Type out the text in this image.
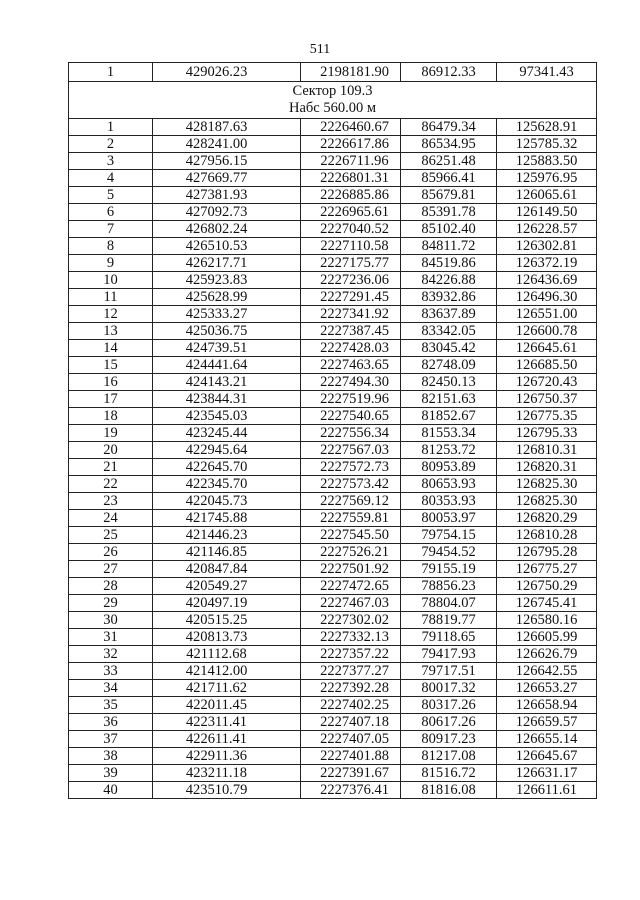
511
1	429026.23	2198181.90	86912.33	97341.43

Сектор 109.3
Набс 560.00 м				

1	428187.63	2226460.67	86479.34	125628.91
2	428241.00	2226617.86	86534.95	125785.32
3	427956.15	2226711.96	86251.48	125883.50
4	427669.77	2226801.31	85966.41	125976.95
5	427381.93	2226885.86	85679.81	126065.61
6	427092.73	2226965.61	85391.78	126149.50
7	426802.24	2227040.52	85102.40	126228.57
8	426510.53	2227110.58	84811.72	126302.81
9	426217.71	2227175.77	84519.86	126372.19
10	425923.83	2227236.06	84226.88	126436.69
11	425628.99	2227291.45	83932.86	126496.30
12	425333.27	2227341.92	83637.89	126551.00
13	425036.75	2227387.45	83342.05	126600.78
14	424739.51	2227428.03	83045.42	126645.61
15	424441.64	2227463.65	82748.09	126685.50
16	424143.21	2227494.30	82450.13	126720.43
17	423844.31	2227519.96	82151.63	126750.37
18	423545.03	2227540.65	81852.67	126775.35
19	423245.44	2227556.34	81553.34	126795.33
20	422945.64	2227567.03	81253.72	126810.31
21	422645.70	2227572.73	80953.89	126820.31
22	422345.70	2227573.42	80653.93	126825.30
23	422045.73	2227569.12	80353.93	126825.30
24	421745.88	2227559.81	80053.97	126820.29
25	421446.23	2227545.50	79754.15	126810.28
26	421146.85	2227526.21	79454.52	126795.28
27	420847.84	2227501.92	79155.19	126775.27
28	420549.27	2227472.65	78856.23	126750.29
29	420497.19	2227467.03	78804.07	126745.41
30	420515.25	2227302.02	78819.77	126580.16
31	420813.73	2227332.13	79118.65	126605.99
32	421112.68	2227357.22	79417.93	126626.79
33	421412.00	2227377.27	79717.51	126642.55
34	421711.62	2227392.28	80017.32	126653.27
35	422011.45	2227402.25	80317.26	126658.94
36	422311.41	2227407.18	80617.26	126659.57
37	422611.41	2227407.05	80917.23	126655.14
38	422911.36	2227401.88	81217.08	126645.67
39	423211.18	2227391.67	81516.72	126631.17
40	423510.79	2227376.41	81816.08	126611.61
